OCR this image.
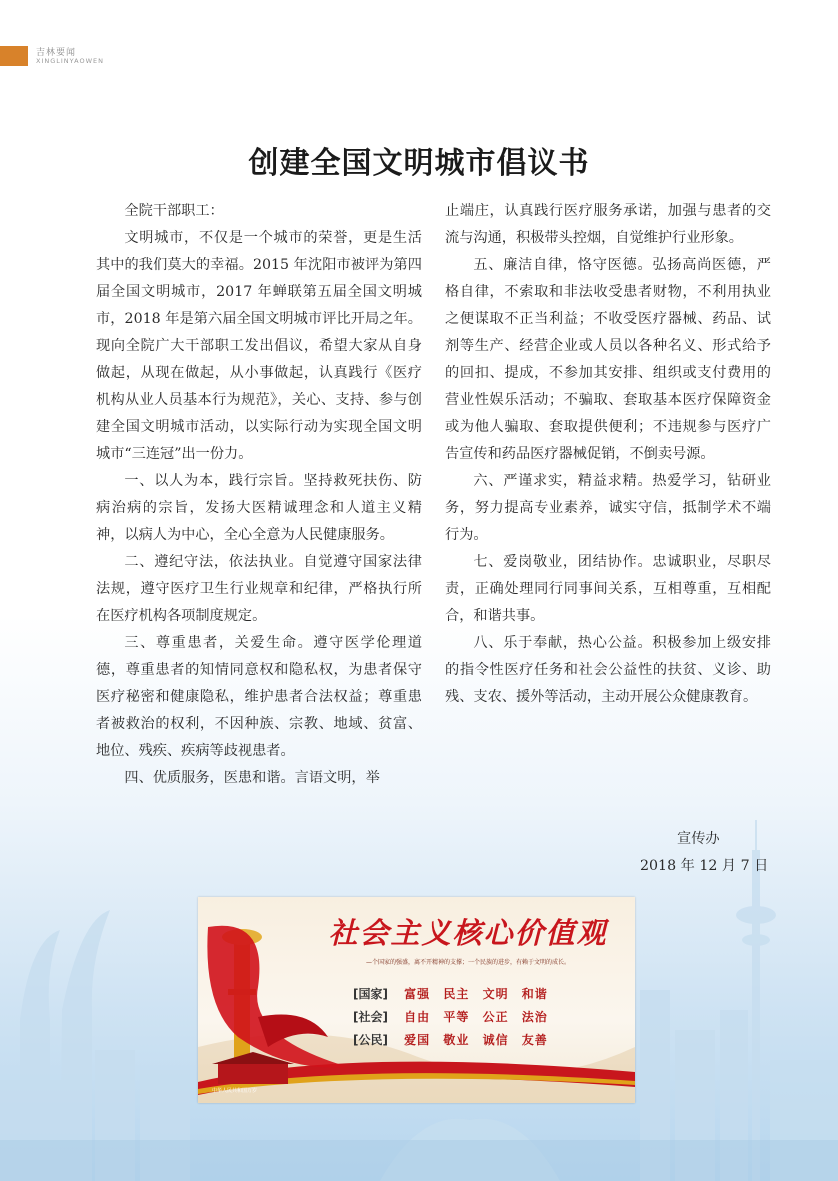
吉林要闻
XINGLINYAOWEN
创建全国文明城市倡议书

全院干部职工：

文明城市，不仅是一个城市的荣誉，更是生活其中的我们莫大的幸福。2015 年沈阳市被评为第四届全国文明城市，2017 年蝉联第五届全国文明城市，2018 年是第六届全国文明城市评比开局之年。现向全院广大干部职工发出倡议，希望大家从自身做起，从现在做起，从小事做起，认真践行《医疗机构从业人员基本行为规范》，关心、支持、参与创建全国文明城市活动，以实际行动为实现全国文明城市“三连冠”出一份力。

一、以人为本，践行宗旨。坚持救死扶伤、防病治病的宗旨，发扬大医精诚理念和人道主义精神，以病人为中心，全心全意为人民健康服务。

二、遵纪守法，依法执业。自觉遵守国家法律法规，遵守医疗卫生行业规章和纪律，严格执行所在医疗机构各项制度规定。

三、尊重患者，关爱生命。遵守医学伦理道德，尊重患者的知情同意权和隐私权，为患者保守医疗秘密和健康隐私，维护患者合法权益；尊重患者被救治的权利，不因种族、宗教、地域、贫富、地位、残疾、疾病等歧视患者。

四、优质服务，医患和谐。言语文明，举

止端庄，认真践行医疗服务承诺，加强与患者的交流与沟通，积极带头控烟，自觉维护行业形象。

五、廉洁自律，恪守医德。弘扬高尚医德，严格自律，不索取和非法收受患者财物，不利用执业之便谋取不正当利益；不收受医疗器械、药品、试剂等生产、经营企业或人员以各种名义、形式给予的回扣、提成，不参加其安排、组织或支付费用的营业性娱乐活动；不骗取、套取基本医疗保障资金或为他人骗取、套取提供便利；不违规参与医疗广告宣传和药品医疗器械促销，不倒卖号源。

六、严谨求实，精益求精。热爱学习，钻研业务，努力提高专业素养，诚实守信，抵制学术不端行为。

七、爱岗敬业，团结协作。忠诚职业，尽职尽责，正确处理同行同事间关系，互相尊重，互相配合，和谐共事。

八、乐于奉献，热心公益。积极参加上级安排的指令性医疗任务和社会公益性的扶贫、义诊、助残、支农、援外等活动，主动开展公众健康教育。

宣传办
2018 年 12 月 7 日
社会主义核心价值观
—个国家的强盛，离不开精神的支撑；一个民族的进步，有赖于文明的成长。
[国家] 富强 民主 文明 和谐
[社会] 自由 平等 公正 法治
[公民] 爱国 敬业 诚信 友善
中华人民共和国万岁
